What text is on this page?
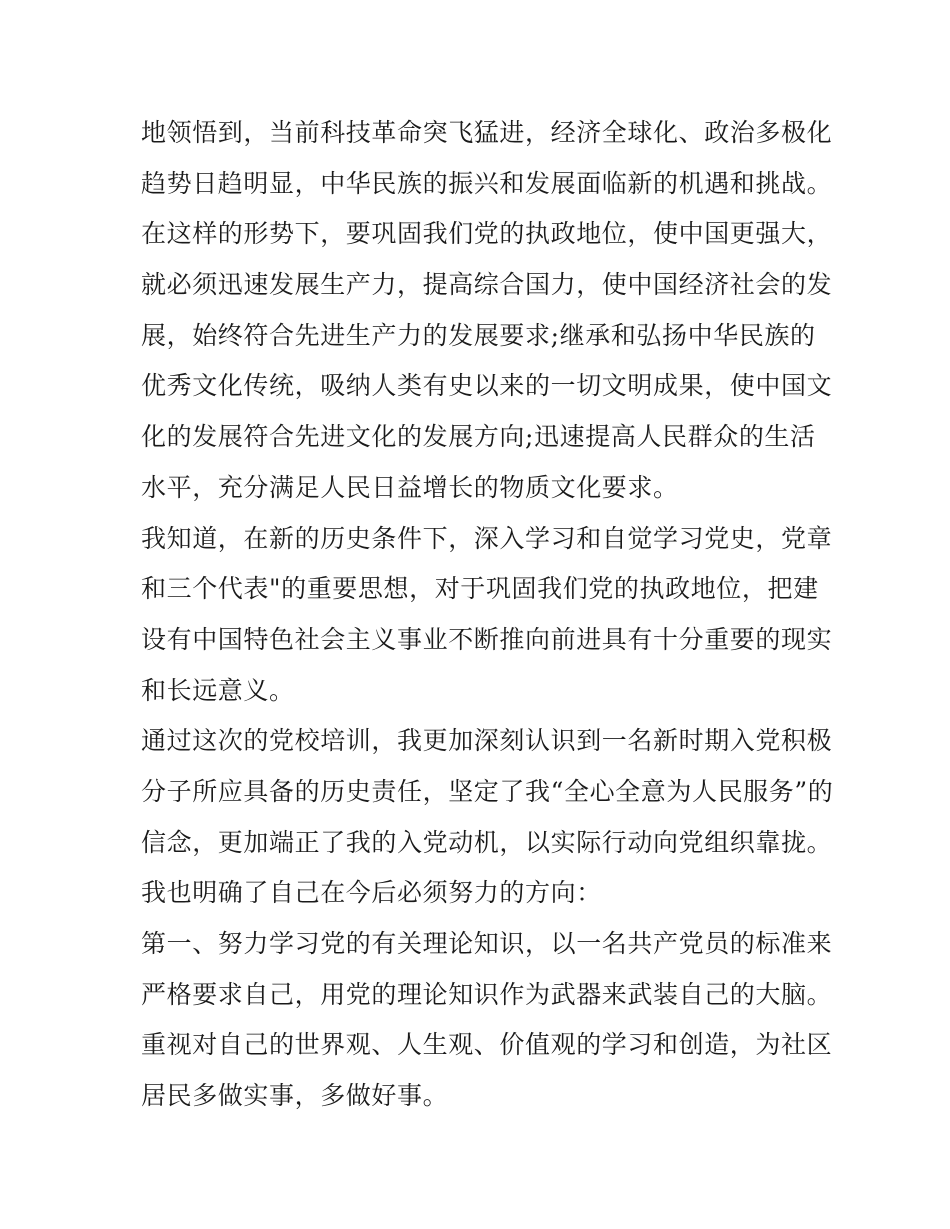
地领悟到，当前科技革命突飞猛进，经济全球化、政治多极化
趋势日趋明显，中华民族的振兴和发展面临新的机遇和挑战。
在这样的形势下，要巩固我们党的执政地位，使中国更强大，
就必须迅速发展生产力，提高综合国力，使中国经济社会的发
展，始终符合先进生产力的发展要求;继承和弘扬中华民族的
优秀文化传统，吸纳人类有史以来的一切文明成果，使中国文
化的发展符合先进文化的发展方向;迅速提高人民群众的生活
水平，充分满足人民日益增长的物质文化要求。
我知道，在新的历史条件下，深入学习和自觉学习党史，党章
和三个代表"的重要思想，对于巩固我们党的执政地位，把建
设有中国特色社会主义事业不断推向前进具有十分重要的现实
和长远意义。
通过这次的党校培训，我更加深刻认识到一名新时期入党积极
分子所应具备的历史责任，坚定了我“全心全意为人民服务”的
信念，更加端正了我的入党动机，以实际行动向党组织靠拢。
我也明确了自己在今后必须努力的方向：
第一、努力学习党的有关理论知识，以一名共产党员的标准来
严格要求自己，用党的理论知识作为武器来武装自己的大脑。
重视对自己的世界观、人生观、价值观的学习和创造，为社区
居民多做实事，多做好事。
